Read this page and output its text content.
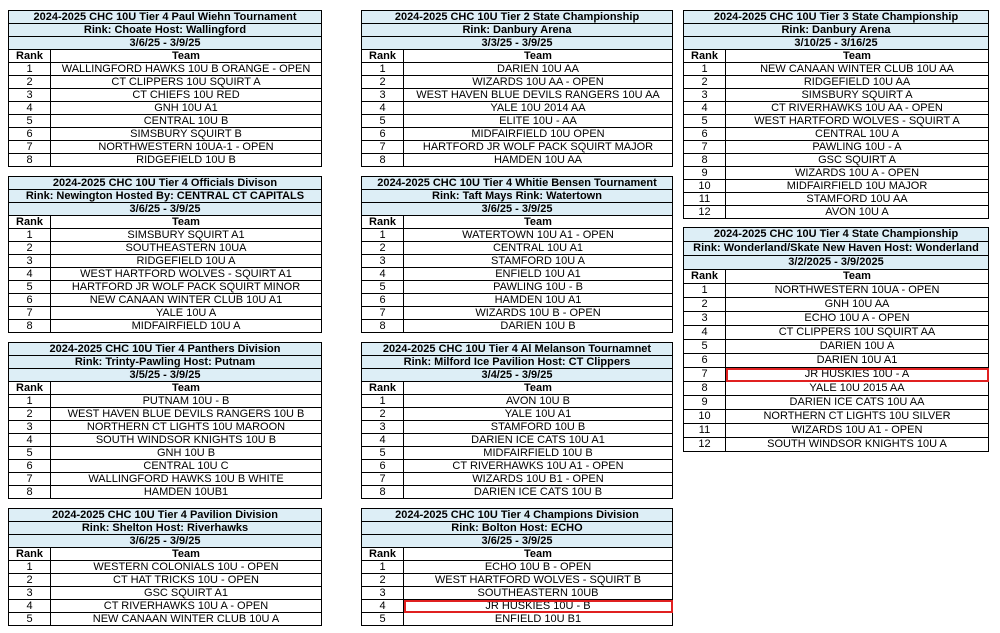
2024-2025 CHC 10U Tier 4 Paul Wiehn Tournament	
Rink: Choate Host: Wallingford	
3/6/25 - 3/9/25	
Rank	Team
1	WALLINGFORD HAWKS 10U B ORANGE - OPEN
2	CT CLIPPERS 10U SQUIRT A
3	CT CHIEFS 10U RED
4	GNH 10U A1
5	CENTRAL 10U B
6	SIMSBURY SQUIRT B
7	NORTHWESTERN 10UA-1 - OPEN
8	RIDGEFIELD 10U B
2024-2025 CHC 10U Tier 2 State Championship	
Rink: Danbury Arena	
3/3/25 - 3/9/25	
Rank	Team
1	DARIEN 10U AA
2	WIZARDS 10U AA - OPEN
3	WEST HAVEN BLUE DEVILS RANGERS 10U AA
4	YALE 10U 2014 AA
5	ELITE 10U - AA
6	MIDFAIRFIELD 10U OPEN
7	HARTFORD JR WOLF PACK SQUIRT MAJOR
8	HAMDEN 10U AA
2024-2025 CHC 10U Tier 3 State Championship	
Rink: Danbury Arena	
3/10/25 - 3/16/25	
Rank	Team
1	NEW CANAAN WINTER CLUB 10U AA
2	RIDGEFIELD 10U AA
3	SIMSBURY SQUIRT A
4	CT RIVERHAWKS 10U AA - OPEN
5	WEST HARTFORD WOLVES - SQUIRT A
6	CENTRAL 10U A
7	PAWLING 10U - A
8	GSC SQUIRT A
9	WIZARDS 10U A - OPEN
10	MIDFAIRFIELD 10U MAJOR
11	STAMFORD 10U AA
12	AVON 10U A
2024-2025 CHC 10U Tier 4 Officials Divison	
Rink: Newington Hosted By: CENTRAL CT CAPITALS	
3/6/25 - 3/9/25	
Rank	Team
1	SIMSBURY SQUIRT A1
2	SOUTHEASTERN 10UA
3	RIDGEFIELD 10U A
4	WEST HARTFORD WOLVES - SQUIRT A1
5	HARTFORD JR WOLF PACK SQUIRT MINOR
6	NEW CANAAN WINTER CLUB 10U A1
7	YALE 10U A
8	MIDFAIRFIELD 10U A
2024-2025 CHC 10U Tier 4 Whitie Bensen Tournament	
Rink: Taft Mays Rink: Watertown	
3/6/25 - 3/9/25	
Rank	Team
1	WATERTOWN 10U A1 - OPEN
2	CENTRAL 10U A1
3	STAMFORD 10U A
4	ENFIELD 10U A1
5	PAWLING 10U - B
6	HAMDEN 10U A1
7	WIZARDS 10U B - OPEN
8	DARIEN 10U B
2024-2025 CHC 10U Tier 4 State Championship	
Rink: Wonderland/Skate New Haven Host: Wonderland	
3/2/2025 - 3/9/2025	
Rank	Team
1	NORTHWESTERN 10UA - OPEN
2	GNH 10U AA
3	ECHO 10U A - OPEN
4	CT CLIPPERS 10U SQUIRT AA
5	DARIEN 10U A
6	DARIEN 10U A1
7	JR HUSKIES 10U - A
8	YALE 10U 2015 AA
9	DARIEN ICE CATS 10U AA
10	NORTHERN CT LIGHTS 10U SILVER
11	WIZARDS 10U A1 - OPEN
12	SOUTH WINDSOR KNIGHTS 10U A
2024-2025 CHC 10U Tier 4 Panthers Division	
Rink: Trinty-Pawling Host: Putnam	
3/5/25 - 3/9/25	
Rank	Team
1	PUTNAM 10U - B
2	WEST HAVEN BLUE DEVILS RANGERS 10U B
3	NORTHERN CT LIGHTS 10U MAROON
4	SOUTH WINDSOR KNIGHTS 10U B
5	GNH 10U B
6	CENTRAL 10U C
7	WALLINGFORD HAWKS 10U B WHITE
8	HAMDEN 10UB1
2024-2025 CHC 10U Tier 4 Al Melanson Tournamnet	
Rink: Milford Ice Pavilion Host: CT Clippers	
3/4/25 - 3/9/25	
Rank	Team
1	AVON 10U B
2	YALE 10U A1
3	STAMFORD 10U B
4	DARIEN ICE CATS 10U A1
5	MIDFAIRFIELD 10U B
6	CT RIVERHAWKS 10U A1 - OPEN
7	WIZARDS 10U B1 - OPEN
8	DARIEN ICE CATS 10U B
2024-2025 CHC 10U Tier 4 Pavilion Division	
Rink: Shelton Host: Riverhawks	
3/6/25 - 3/9/25	
Rank	Team
1	WESTERN COLONIALS 10U - OPEN
2	CT HAT TRICKS 10U - OPEN
3	GSC SQUIRT A1
4	CT RIVERHAWKS 10U A - OPEN
5	NEW CANAAN WINTER CLUB 10U A
2024-2025 CHC 10U Tier 4 Champions Division	
Rink: Bolton Host: ECHO	
3/6/25 - 3/9/25	
Rank	Team
1	ECHO 10U B - OPEN
2	WEST HARTFORD WOLVES - SQUIRT B
3	SOUTHEASTERN 10UB
4	JR HUSKIES 10U - B
5	ENFIELD 10U B1
